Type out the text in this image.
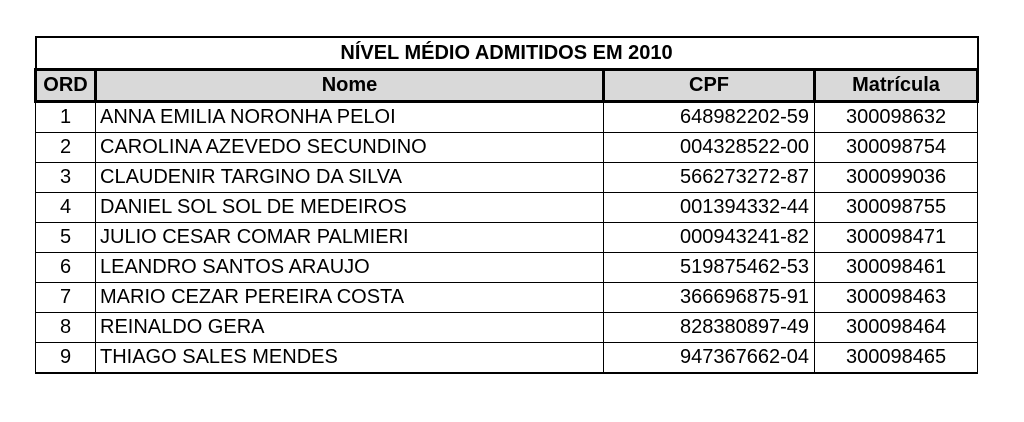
NÍVEL MÉDIO ADMITIDOS EM 2010			
ORD	Nome	CPF	Matrícula
1	ANNA EMILIA NORONHA PELOI	648982202-59	300098632
2	CAROLINA AZEVEDO SECUNDINO	004328522-00	300098754
3	CLAUDENIR TARGINO DA SILVA	566273272-87	300099036
4	DANIEL SOL SOL DE MEDEIROS	001394332-44	300098755
5	JULIO CESAR COMAR PALMIERI	000943241-82	300098471
6	LEANDRO SANTOS ARAUJO	519875462-53	300098461
7	MARIO CEZAR PEREIRA COSTA	366696875-91	300098463
8	REINALDO GERA	828380897-49	300098464
9	THIAGO SALES MENDES	947367662-04	300098465
